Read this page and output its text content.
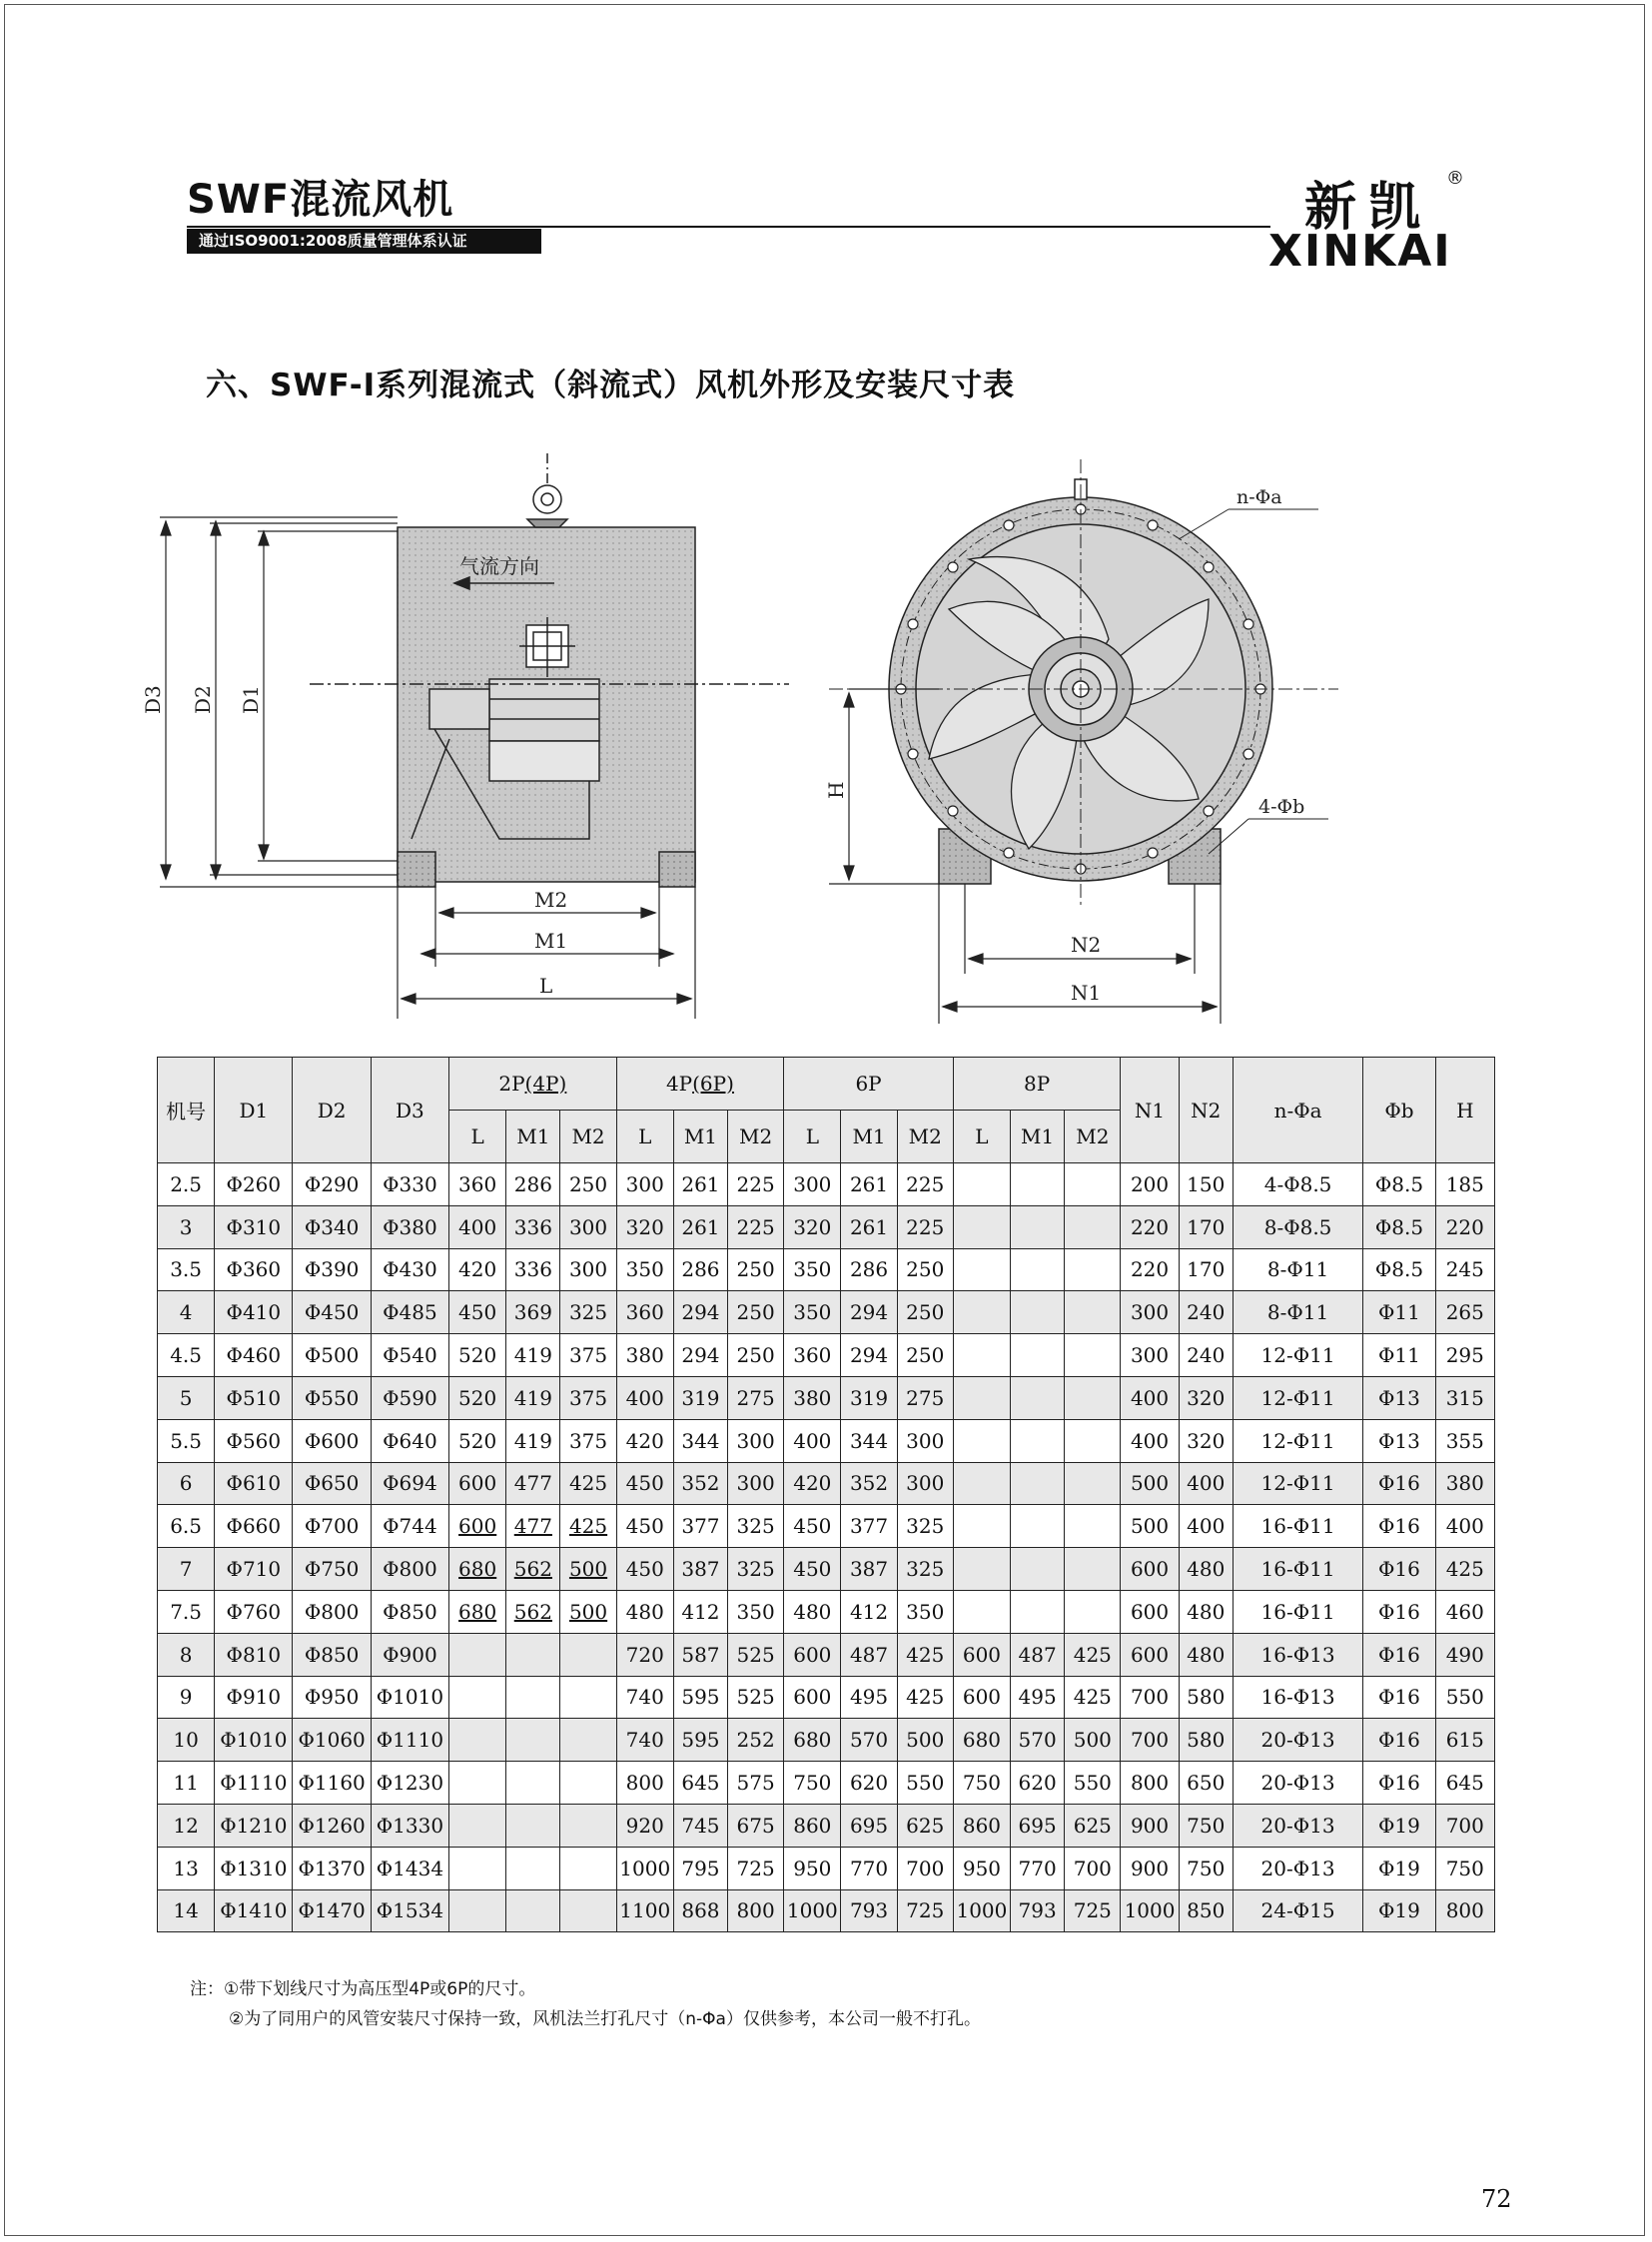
SWF混流风机
通过ISO9001:2008质量管理体系认证
新凯 ®
XINKAI
六、SWF-Ⅰ系列混流式（斜流式）风机外形及安装尺寸表
气流方向
D3 D2 D1
M2
M1
L
n-Φa
4-Φb
H
N2
N1
机号	D1	D2	D3	2P(4P)			4P(6P)			6P			8P			N1	N2	n-Φa	Φb	H
				L	M1	M2	L	M1	M2	L	M1	M2	L	M1	M2					
2.5	Φ260	Φ290	Φ330	360	286	250	300	261	225	300	261	225				200	150	4-Φ8.5	Φ8.5	185
3	Φ310	Φ340	Φ380	400	336	300	320	261	225	320	261	225				220	170	8-Φ8.5	Φ8.5	220
3.5	Φ360	Φ390	Φ430	420	336	300	350	286	250	350	286	250				220	170	8-Φ11	Φ8.5	245
4	Φ410	Φ450	Φ485	450	369	325	360	294	250	350	294	250				300	240	8-Φ11	Φ11	265
4.5	Φ460	Φ500	Φ540	520	419	375	380	294	250	360	294	250				300	240	12-Φ11	Φ11	295
5	Φ510	Φ550	Φ590	520	419	375	400	319	275	380	319	275				400	320	12-Φ11	Φ13	315
5.5	Φ560	Φ600	Φ640	520	419	375	420	344	300	400	344	300				400	320	12-Φ11	Φ13	355
6	Φ610	Φ650	Φ694	600	477	425	450	352	300	420	352	300				500	400	12-Φ11	Φ16	380
6.5	Φ660	Φ700	Φ744	600	477	425	450	377	325	450	377	325				500	400	16-Φ11	Φ16	400
7	Φ710	Φ750	Φ800	680	562	500	450	387	325	450	387	325				600	480	16-Φ11	Φ16	425
7.5	Φ760	Φ800	Φ850	680	562	500	480	412	350	480	412	350				600	480	16-Φ11	Φ16	460
8	Φ810	Φ850	Φ900				720	587	525	600	487	425	600	487	425	600	480	16-Φ13	Φ16	490
9	Φ910	Φ950	Φ1010				740	595	525	600	495	425	600	495	425	700	580	16-Φ13	Φ16	550
10	Φ1010	Φ1060	Φ1110				740	595	252	680	570	500	680	570	500	700	580	20-Φ13	Φ16	615
11	Φ1110	Φ1160	Φ1230				800	645	575	750	620	550	750	620	550	800	650	20-Φ13	Φ16	645
12	Φ1210	Φ1260	Φ1330				920	745	675	860	695	625	860	695	625	900	750	20-Φ13	Φ19	700
13	Φ1310	Φ1370	Φ1434				1000	795	725	950	770	700	950	770	700	900	750	20-Φ13	Φ19	750
14	Φ1410	Φ1470	Φ1534				1100	868	800	1000	793	725	1000	793	725	1000	850	24-Φ15	Φ19	800
注：①带下划线尺寸为高压型4P或6P的尺寸。
②为了同用户的风管安装尺寸保持一致，风机法兰打孔尺寸（n-Φa）仅供参考，本公司一般不打孔。
72
